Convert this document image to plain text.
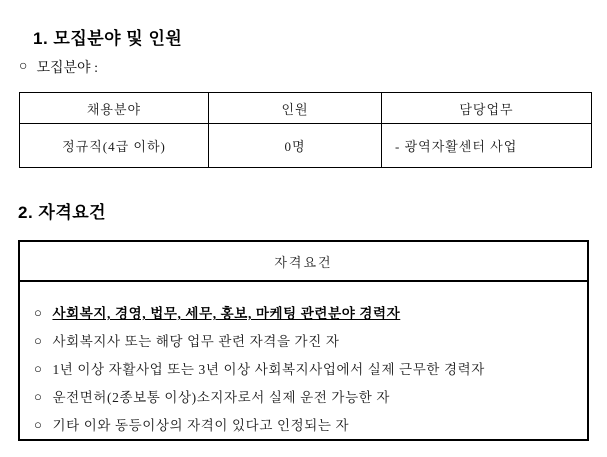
1. 모집분야 및 인원
○ 모집분야 :
채용분야	인원	담당업무
정규직(4급 이하)	0명	- 광역자활센터 사업
2. 자격요건
자격요건
○ 사회복지, 경영, 법무, 세무, 홍보, 마케팅 관련분야 경력자
○ 사회복지사 또는 해당 업무 관련 자격을 가진 자
○ 1년 이상 자활사업 또는 3년 이상 사회복지사업에서 실제 근무한 경력자
○ 운전면허(2종보통 이상)소지자로서 실제 운전 가능한 자
○ 기타 이와 동등이상의 자격이 있다고 인정되는 자
